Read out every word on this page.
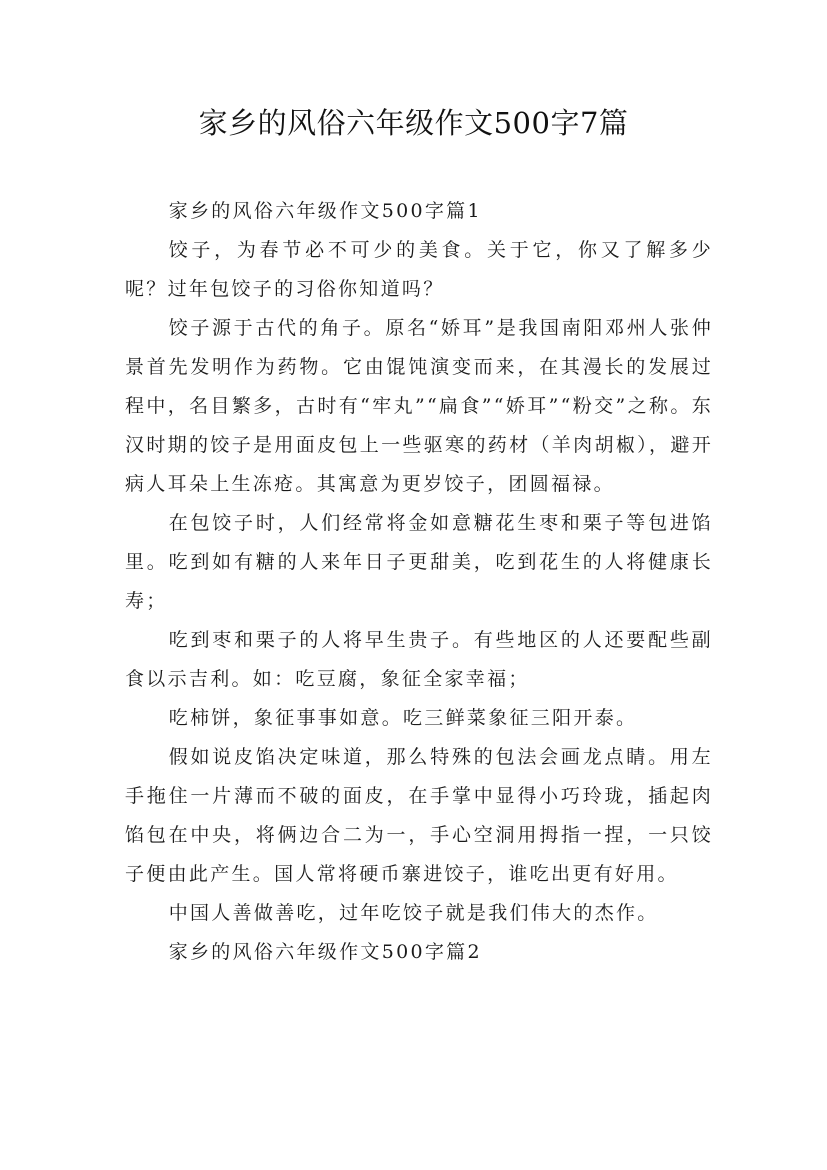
家乡的风俗六年级作文500字7篇

家乡的风俗六年级作文500字篇1

饺子，为春节必不可少的美食。关于它，你又了解多少呢？过年包饺子的习俗你知道吗？

饺子源于古代的角子。原名“娇耳”是我国南阳邓州人张仲景首先发明作为药物。它由馄饨演变而来，在其漫长的发展过程中，名目繁多，古时有“牢丸”“扁食”“娇耳”“粉交”之称。东汉时期的饺子是用面皮包上一些驱寒的药材（羊肉胡椒），避开病人耳朵上生冻疮。其寓意为更岁饺子，团圆福禄。

在包饺子时，人们经常将金如意糖花生枣和栗子等包进馅里。吃到如有糖的人来年日子更甜美，吃到花生的人将健康长寿；

吃到枣和栗子的人将早生贵子。有些地区的人还要配些副食以示吉利。如：吃豆腐，象征全家幸福；

吃柿饼，象征事事如意。吃三鲜菜象征三阳开泰。

假如说皮馅决定味道，那么特殊的包法会画龙点睛。用左手拖住一片薄而不破的面皮，在手掌中显得小巧玲珑，插起肉馅包在中央，将俩边合二为一，手心空洞用拇指一捏，一只饺子便由此产生。国人常将硬币寨进饺子，谁吃出更有好用。

中国人善做善吃，过年吃饺子就是我们伟大的杰作。

家乡的风俗六年级作文500字篇2
